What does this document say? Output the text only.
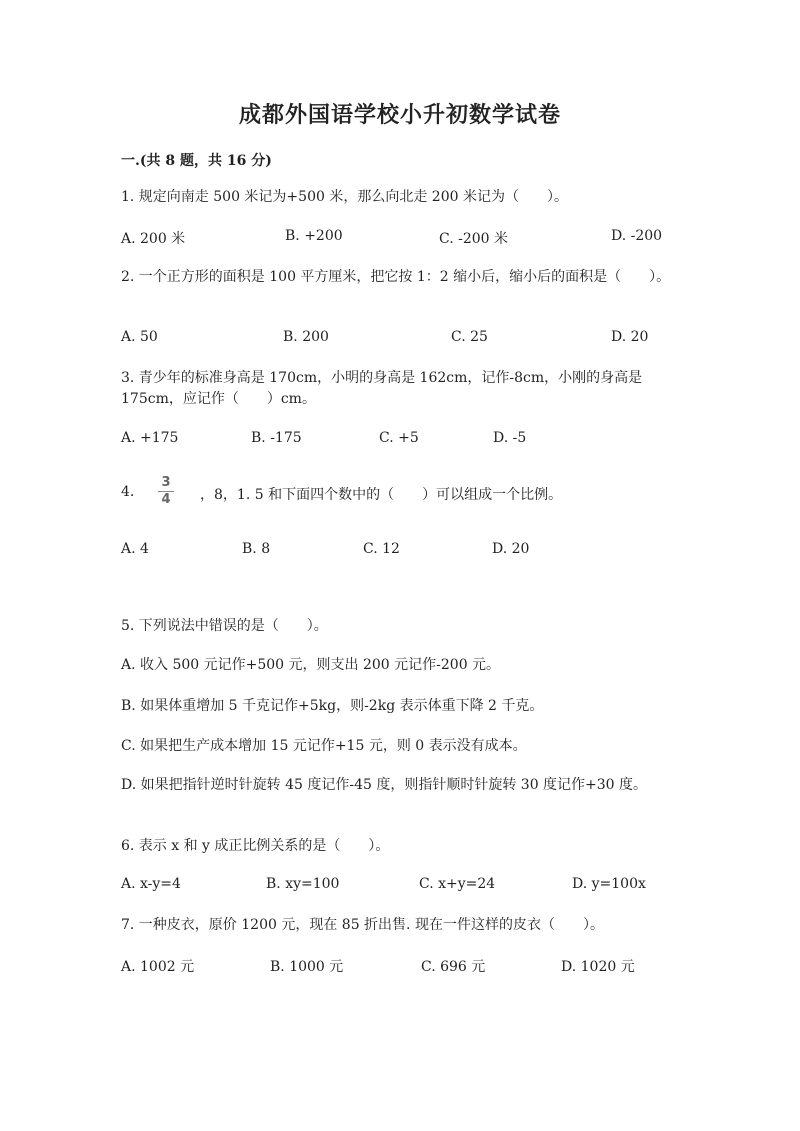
成都外国语学校小升初数学试卷
一.(共 8 题，共 16 分)
1. 规定向南走 500 米记为+500 米，那么向北走 200 米记为（　　）。
A. 200 米	B. +200	C. -200 米	D. -200
2. 一个正方形的面积是 100 平方厘米，把它按 1：2 缩小后，缩小后的面积是（　　）。
A. 50	B. 200	C. 25	D. 20
3. 青少年的标准身高是 170cm，小明的身高是 162cm，记作-8cm，小刚的身高是 175cm，应记作（　　）cm。
A. +175	B. -175	C. +5	D. -5
4.
3
4	，8，1. 5 和下面四个数中的（　　）可以组成一个比例。
A. 4	B. 8	C. 12	D. 20
5. 下列说法中错误的是（　　）。
A. 收入 500 元记作+500 元，则支出 200 元记作-200 元。
B. 如果体重增加 5 千克记作+5kg，则-2kg 表示体重下降 2 千克。
C. 如果把生产成本增加 15 元记作+15 元，则 0 表示没有成本。
D. 如果把指针逆时针旋转 45 度记作-45 度，则指针顺时针旋转 30 度记作+30 度。
6. 表示 x 和 y 成正比例关系的是（　　）。
A. x-y=4	B. xy=100	C. x+y=24	D. y=100x
7. 一种皮衣，原价 1200 元，现在 85 折出售. 现在一件这样的皮衣（　　）。
A. 1002 元	B. 1000 元	C. 696 元	D. 1020 元
